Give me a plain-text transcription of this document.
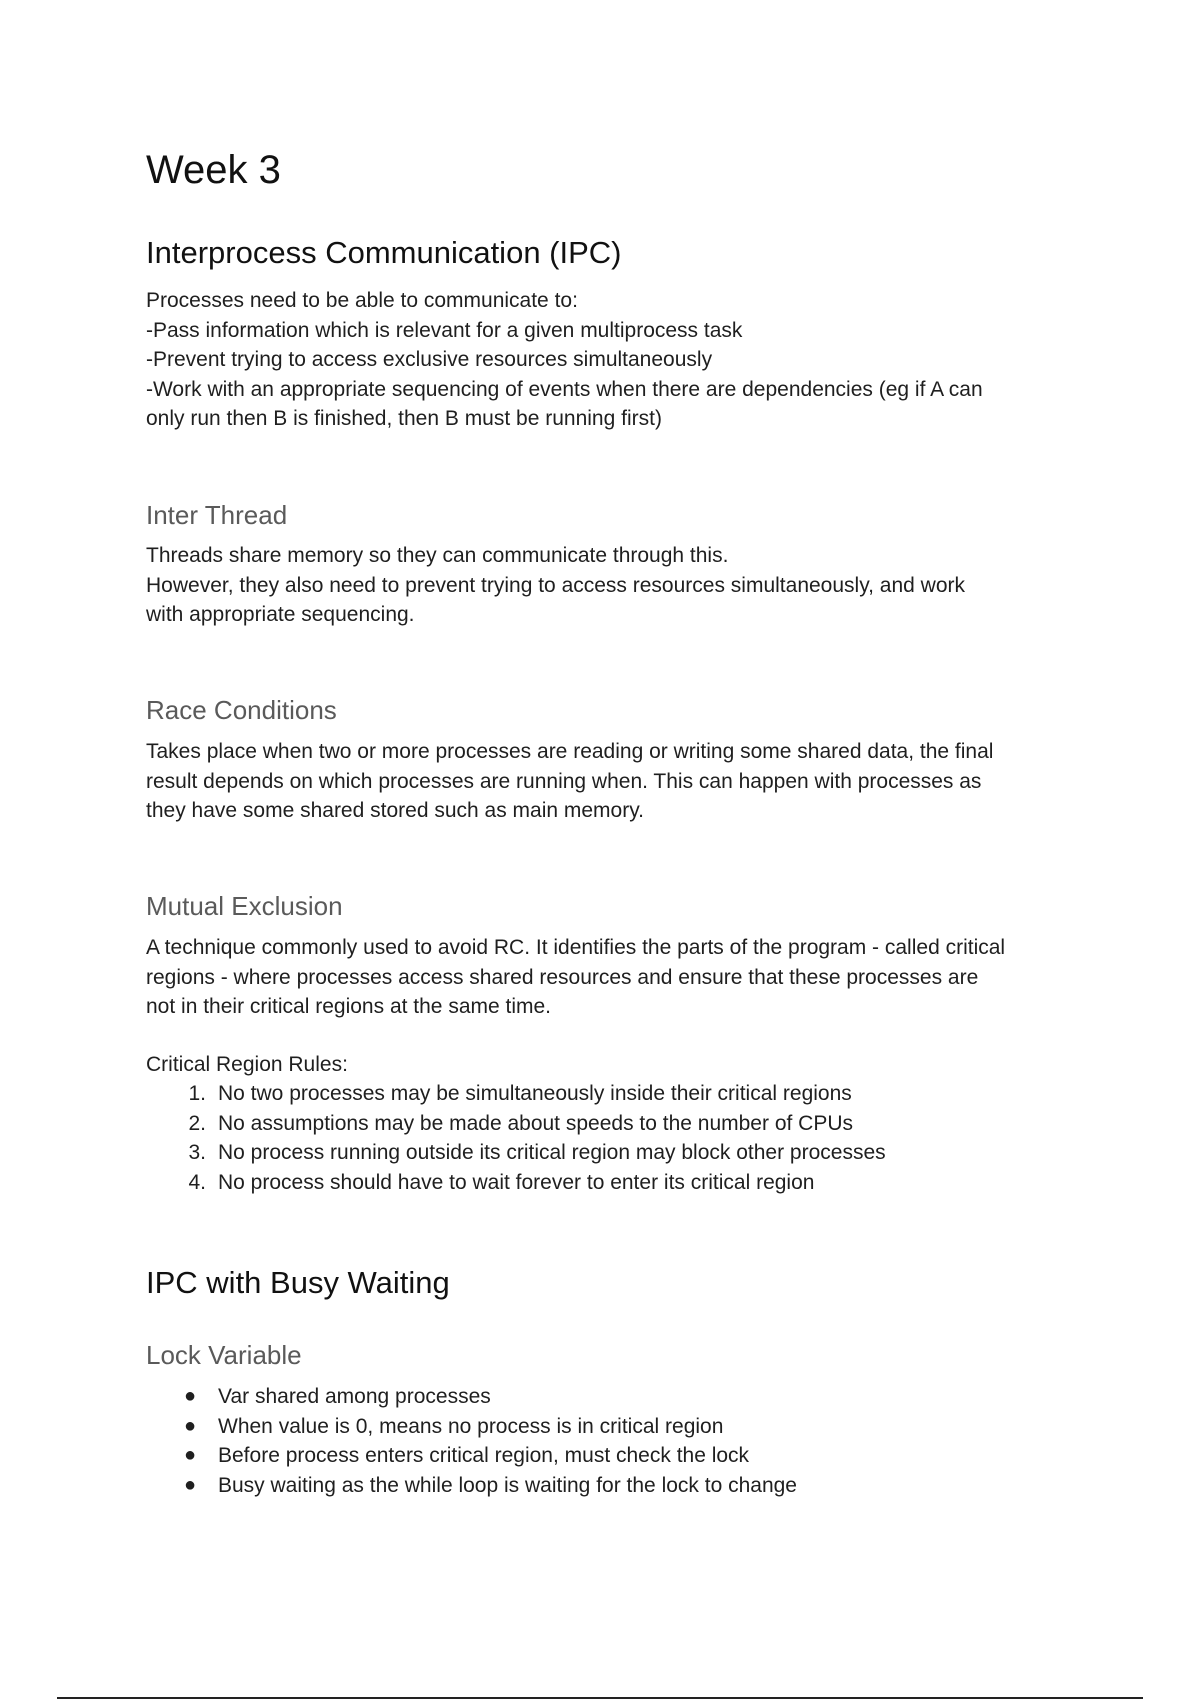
Week 3
Interprocess Communication (IPC)
Processes need to be able to communicate to:
-Pass information which is relevant for a given multiprocess task
-Prevent trying to access exclusive resources simultaneously
-Work with an appropriate sequencing of events when there are dependencies (eg if A can
only run then B is finished, then B must be running first)
Inter Thread
Threads share memory so they can communicate through this.
However, they also need to prevent trying to access resources simultaneously, and work
with appropriate sequencing.
Race Conditions
Takes place when two or more processes are reading or writing some shared data, the final
result depends on which processes are running when. This can happen with processes as
they have some shared stored such as main memory.
Mutual Exclusion
A technique commonly used to avoid RC. It identifies the parts of the program - called critical
regions - where processes access shared resources and ensure that these processes are
not in their critical regions at the same time.
Critical Region Rules:
1. No two processes may be simultaneously inside their critical regions
2. No assumptions may be made about speeds to the number of CPUs
3. No process running outside its critical region may block other processes
4. No process should have to wait forever to enter its critical region
IPC with Busy Waiting
Lock Variable
● Var shared among processes
● When value is 0, means no process is in critical region
● Before process enters critical region, must check the lock
● Busy waiting as the while loop is waiting for the lock to change
